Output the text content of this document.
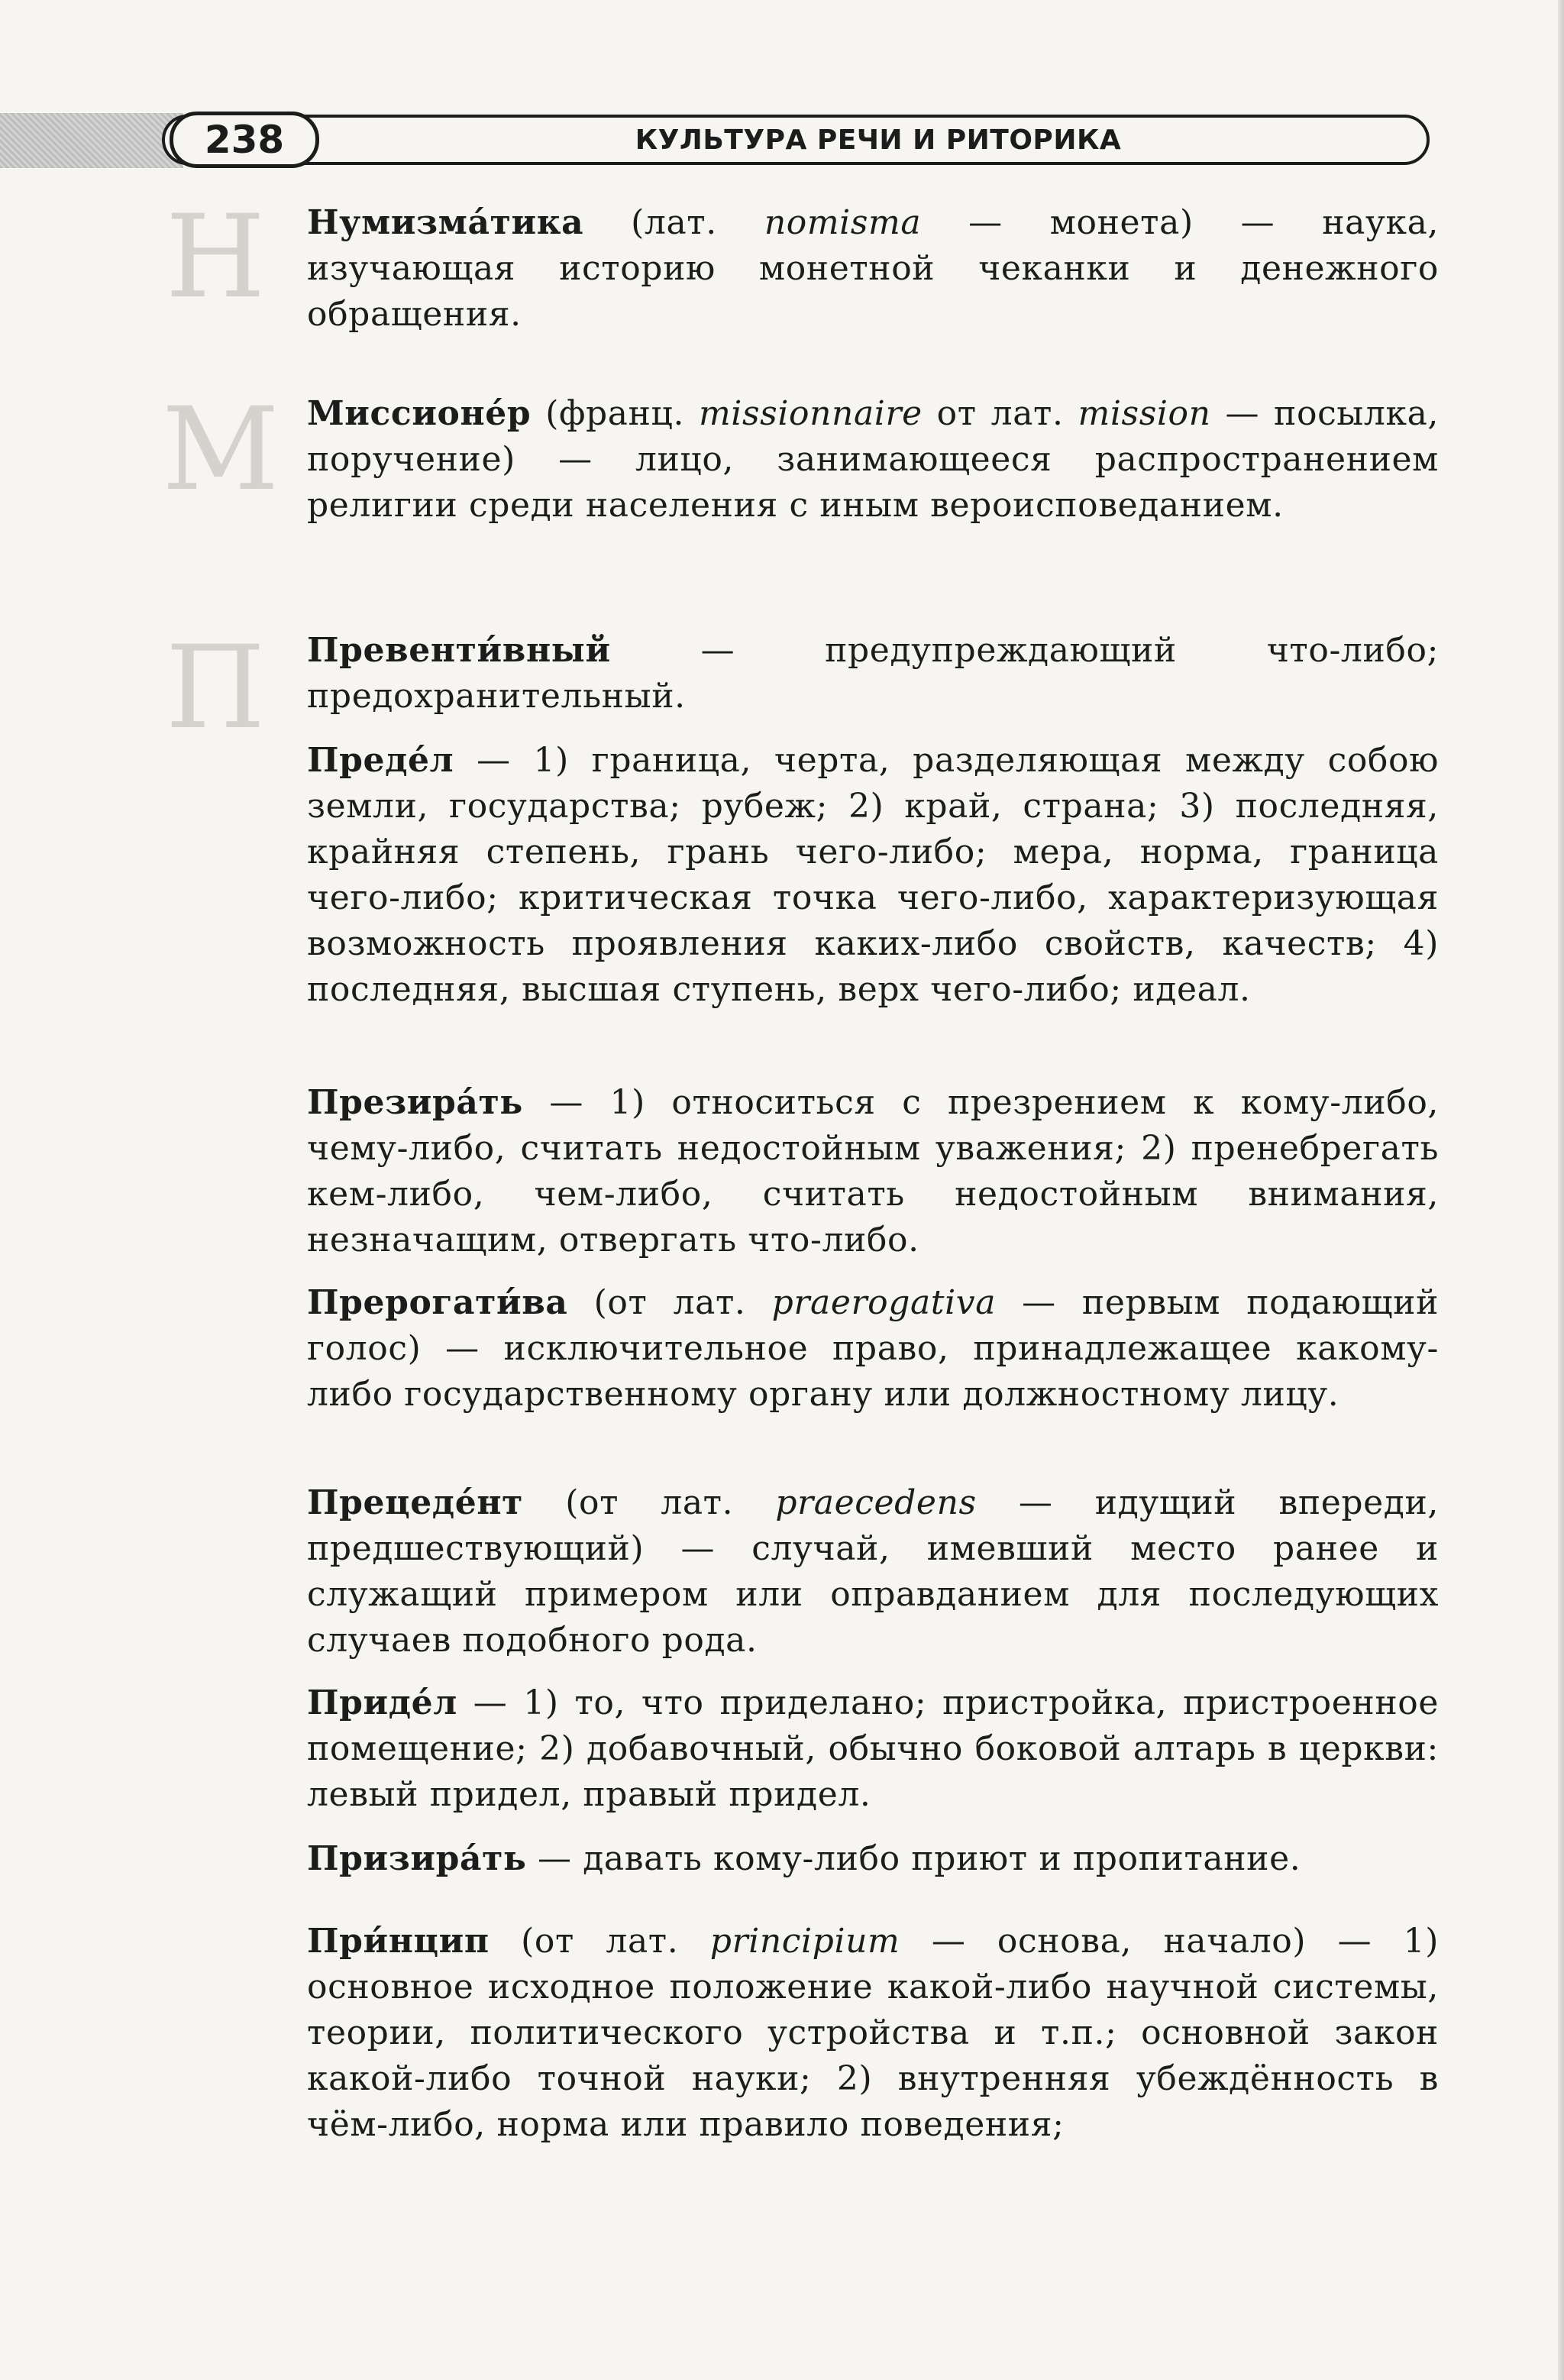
238	КУЛЬТУРА РЕЧИ И РИТОРИКА
Н Нумизма́тика (лат. nomisma — монета) — наука, изучающая историю монетной чеканки и денежного обращения.

М Миссионе́р (франц. missionnaire от лат. mission — посылка, поручение) — лицо, занимающееся распространением религии среди населения с иным вероисповеданием.

П Превенти́вный — предупреждающий что-либо; предохранительный.

Преде́л — 1) граница, черта, разделяющая между собою земли, государства; рубеж; 2) край, страна; 3) последняя, крайняя степень, грань чего-либо; мера, норма, граница чего-либо; критическая точка чего-либо, характеризующая возможность проявления каких-либо свойств, качеств; 4) последняя, высшая ступень, верх чего-либо; идеал.

Презира́ть — 1) относиться с презрением к кому-либо, чему-либо, считать недостойным уважения; 2) пренебрегать кем-либо, чем-либо, считать недостойным внимания, незначащим, отвергать что-либо.

Прерогати́ва (от лат. praerogativa — первым подающий голос) — исключительное право, принадлежащее какому-либо государственному органу или должностному лицу.

Прецеде́нт (от лат. praecedens — идущий впереди, предшествующий) — случай, имевший место ранее и служащий примером или оправданием для последующих случаев подобного рода.

Приде́л — 1) то, что приделано; пристройка, пристроенное помещение; 2) добавочный, обычно боковой алтарь в церкви: левый придел, правый придел.

Призира́ть — давать кому-либо приют и пропитание.

При́нцип (от лат. principium — основа, начало) — 1) основное исходное положение какой-либо научной системы, теории, политического устройства и т.п.; основной закон какой-либо точной науки; 2) внутренняя убеждённость в чём-либо, норма или правило поведения;
